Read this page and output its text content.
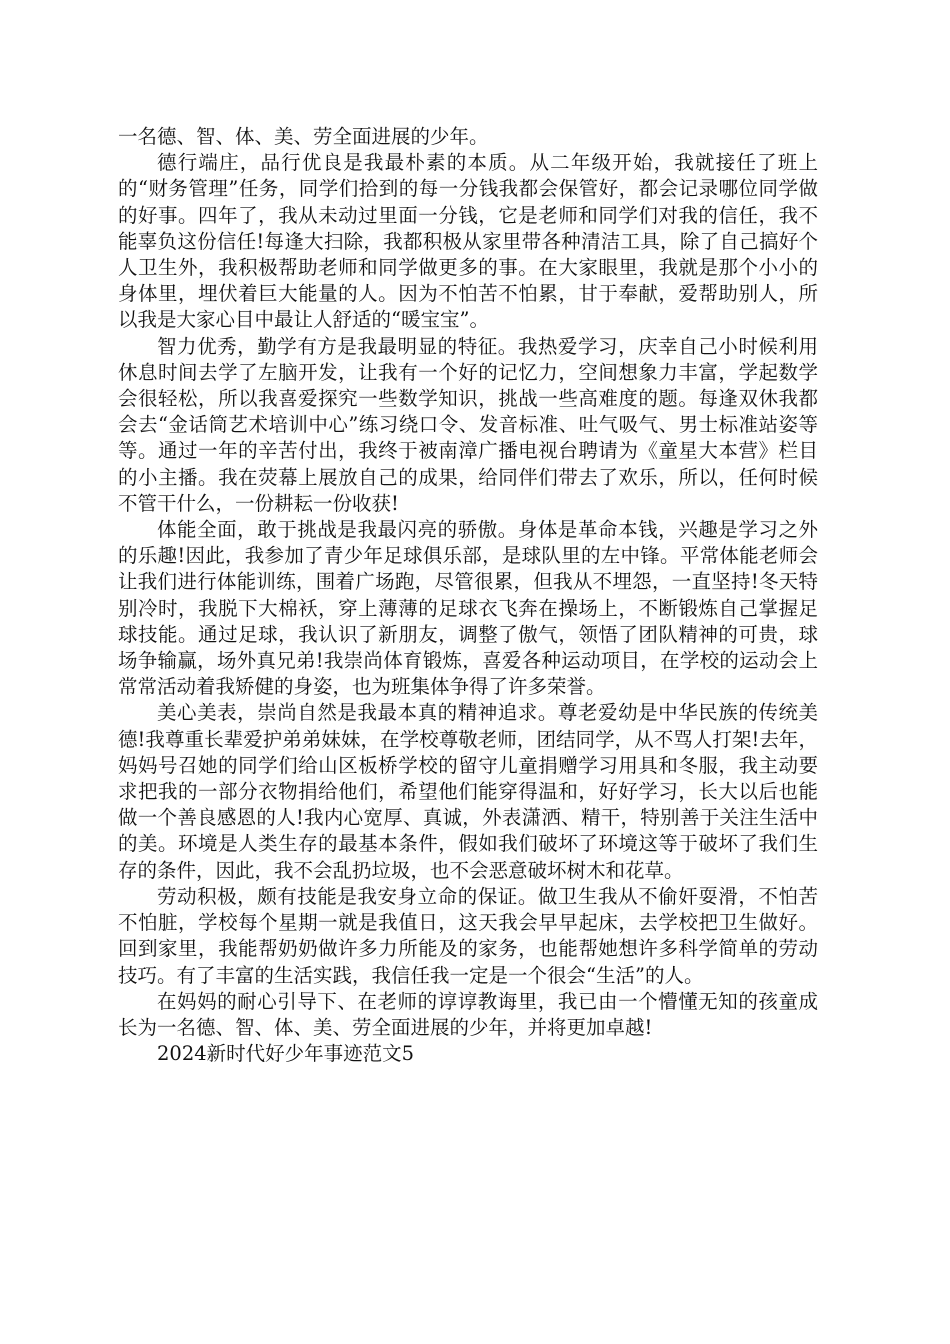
一名德、智、体、美、劳全面进展的少年。

德行端庄，品行优良是我最朴素的本质。从二年级开始，我就接任了班上的“财务管理”任务，同学们拾到的每一分钱我都会保管好，都会记录哪位同学做的好事。四年了，我从未动过里面一分钱，它是老师和同学们对我的信任，我不能辜负这份信任!每逢大扫除，我都积极从家里带各种清洁工具，除了自己搞好个人卫生外，我积极帮助老师和同学做更多的事。在大家眼里，我就是那个小小的身体里，埋伏着巨大能量的人。因为不怕苦不怕累，甘于奉献，爱帮助别人，所以我是大家心目中最让人舒适的“暖宝宝”。

智力优秀，勤学有方是我最明显的特征。我热爱学习，庆幸自己小时候利用休息时间去学了左脑开发，让我有一个好的记忆力，空间想象力丰富，学起数学会很轻松，所以我喜爱探究一些数学知识，挑战一些高难度的题。每逢双休我都会去“金话筒艺术培训中心”练习绕口令、发音标准、吐气吸气、男士标准站姿等等。通过一年的辛苦付出，我终于被南漳广播电视台聘请为《童星大本营》栏目的小主播。我在荧幕上展放自己的成果，给同伴们带去了欢乐，所以，任何时候不管干什么，一份耕耘一份收获!

体能全面，敢于挑战是我最闪亮的骄傲。身体是革命本钱，兴趣是学习之外的乐趣!因此，我参加了青少年足球俱乐部，是球队里的左中锋。平常体能老师会让我们进行体能训练，围着广场跑，尽管很累，但我从不埋怨，一直坚持!冬天特别冷时，我脱下大棉袄，穿上薄薄的足球衣飞奔在操场上，不断锻炼自己掌握足球技能。通过足球，我认识了新朋友，调整了傲气，领悟了团队精神的可贵，球场争输赢，场外真兄弟!我崇尚体育锻炼，喜爱各种运动项目，在学校的运动会上常常活动着我矫健的身姿，也为班集体争得了许多荣誉。

美心美表，崇尚自然是我最本真的精神追求。尊老爱幼是中华民族的传统美德!我尊重长辈爱护弟弟妹妹，在学校尊敬老师，团结同学，从不骂人打架!去年，妈妈号召她的同学们给山区板桥学校的留守儿童捐赠学习用具和冬服，我主动要求把我的一部分衣物捐给他们，希望他们能穿得温和，好好学习，长大以后也能做一个善良感恩的人!我内心宽厚、真诚，外表潇洒、精干，特别善于关注生活中的美。环境是人类生存的最基本条件，假如我们破坏了环境这等于破坏了我们生存的条件，因此，我不会乱扔垃圾，也不会恶意破坏树木和花草。

劳动积极，颇有技能是我安身立命的保证。做卫生我从不偷奸耍滑，不怕苦不怕脏，学校每个星期一就是我值日，这天我会早早起床，去学校把卫生做好。回到家里，我能帮奶奶做许多力所能及的家务，也能帮她想许多科学简单的劳动技巧。有了丰富的生活实践，我信任我一定是一个很会“生活”的人。

在妈妈的耐心引导下、在老师的谆谆教诲里，我已由一个懵懂无知的孩童成长为一名德、智、体、美、劳全面进展的少年，并将更加卓越!

2024新时代好少年事迹范文5
